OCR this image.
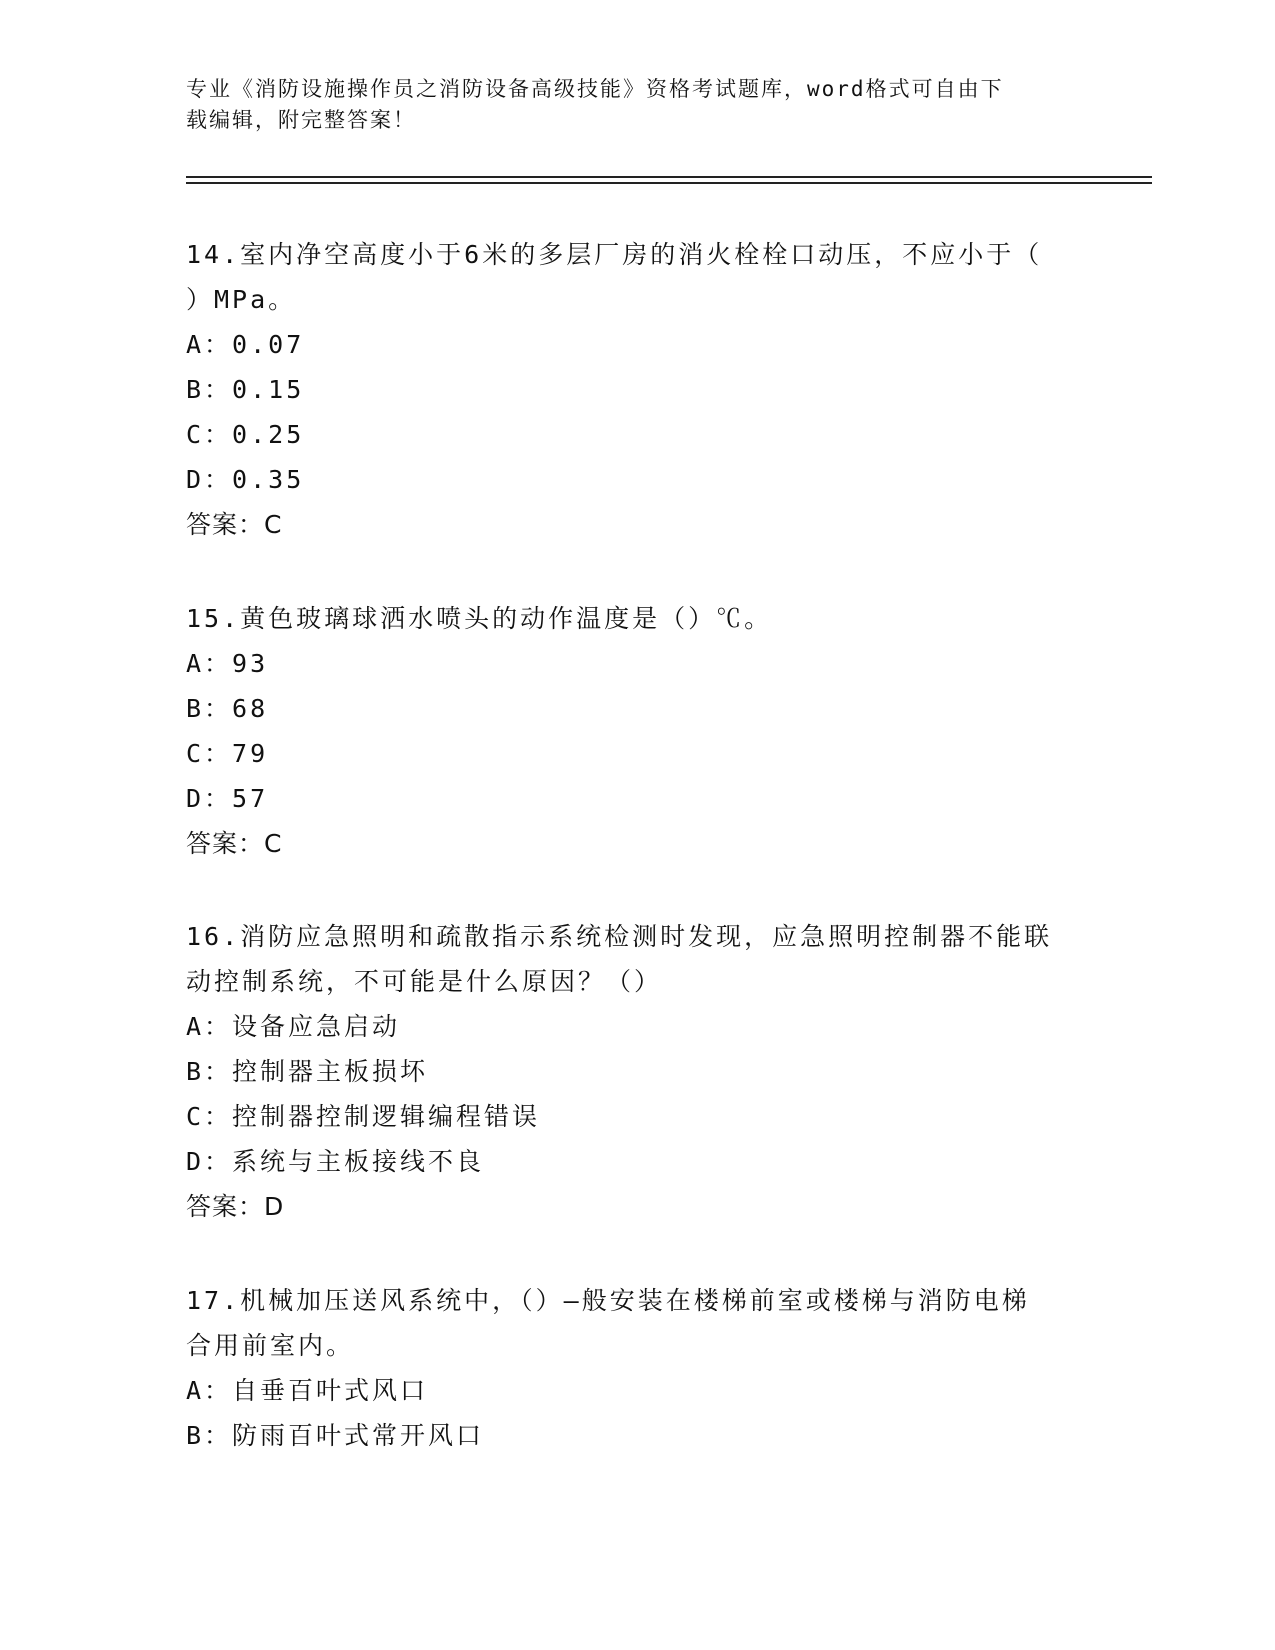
专业《消防设施操作员之消防设备高级技能》资格考试题库，word格式可自由下
载编辑，附完整答案！
14.室内净空高度小于6米的多层厂房的消火栓栓口动压，不应小于（
）MPa。
A：0.07
B：0.15
C：0.25
D：0.35
答案：C
15.黄色玻璃球洒水喷头的动作温度是（）℃。
A：93
B：68
C：79
D：57
答案：C
16.消防应急照明和疏散指示系统检测时发现，应急照明控制器不能联
动控制系统，不可能是什么原因？（）
A：设备应急启动
B：控制器主板损坏
C：控制器控制逻辑编程错误
D：系统与主板接线不良
答案：D
17.机械加压送风系统中，（）—般安装在楼梯前室或楼梯与消防电梯
合用前室内。
A：自垂百叶式风口
B：防雨百叶式常开风口
